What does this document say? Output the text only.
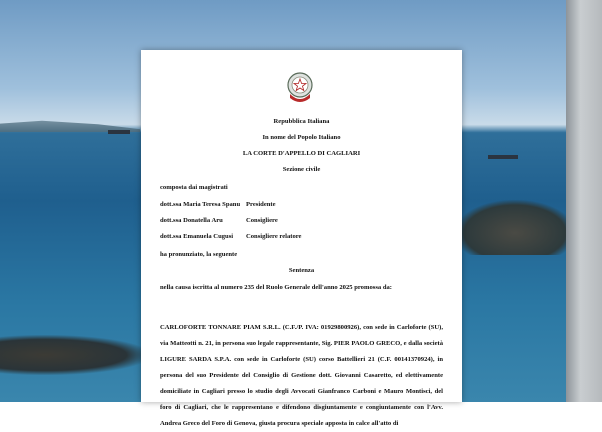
Repubblica Italiana
In nome del Popolo Italiano
LA CORTE D'APPELLO DI CAGLIARI
Sezione civile
composta dai magistrati
dott.ssa Maria Teresa Spanu Presidente
dott.ssa Donatella Aru	Consigliere
dott.ssa Emanuela Cugusi Consigliere relatore
ha pronunziato, la seguente
Sentenza
nella causa iscritta al numero 235 del Ruolo Generale dell'anno 2025 promossa da:
CARLOFORTE TONNARE PIAM S.R.L. (C.F./P. IVA: 01929800926), con sede in Carloforte (SU), via Matteotti n. 21, in persona suo legale rappresentante, Sig. PIER PAOLO GRECO, e dalla società LIGURE SARDA S.P.A. con sede in Carloforte (SU) corso Battellieri 21 (C.F. 00141370924), in persona del suo Presidente del Consiglio di Gestione dott. Giovanni Casaretto, ed elettivamente domiciliate in Cagliari presso lo studio degli Avvocati Gianfranco Carboni e Mauro Montisci, del foro di Cagliari, che le rappresentano e difendono disgiuntamente e congiuntamente con l'Avv. Andrea Greco del Foro di Genova, giusta procura speciale apposta in calce all'atto di
